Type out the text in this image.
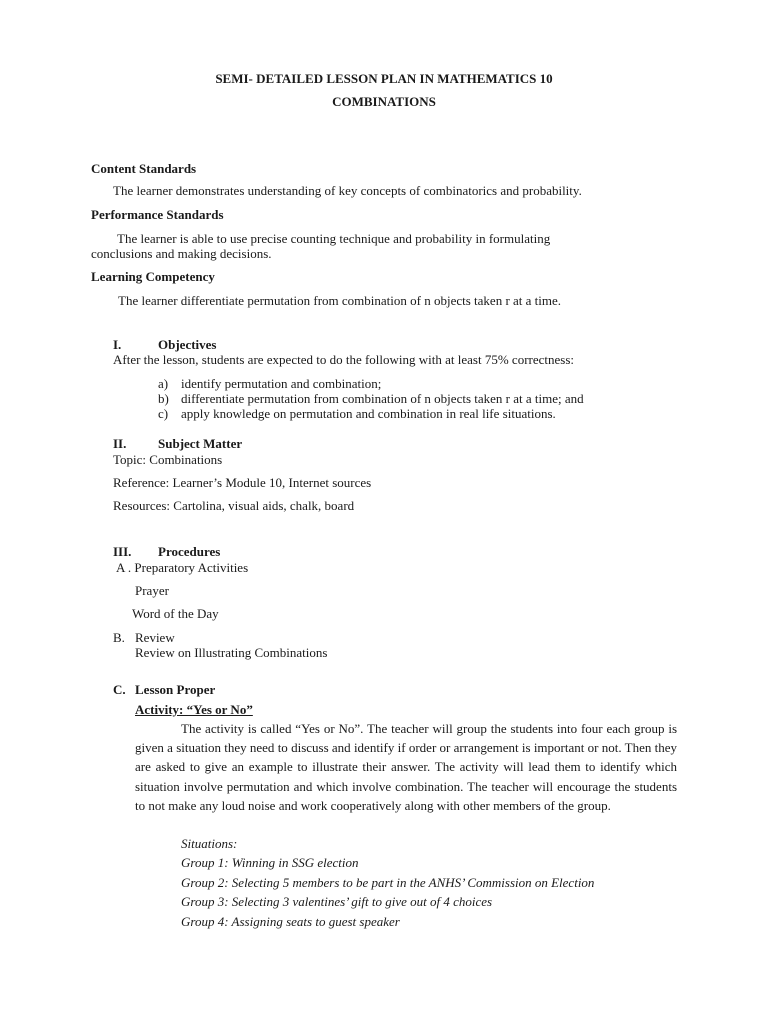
SEMI- DETAILED LESSON PLAN IN MATHEMATICS 10
COMBINATIONS
Content Standards
The learner demonstrates understanding of key concepts of combinatorics and probability.
Performance Standards
The learner is able to use precise counting technique and probability in formulating
conclusions and making decisions.
Learning Competency
The learner differentiate permutation from combination of n objects taken r at a time.
I.	Objectives
After the lesson, students are expected to do the following with at least 75% correctness:
a) identify permutation and combination;
b) differentiate permutation from combination of n objects taken r at a time; and
c) apply knowledge on permutation and combination in real life situations.
II. Subject Matter
Topic: Combinations
Reference: Learner’s Module 10, Internet sources
Resources: Cartolina, visual aids, chalk, board
III. Procedures
A . Preparatory Activities
Prayer
Word of the Day
B. Review
Review on Illustrating Combinations
C. Lesson Proper
Activity: “Yes or No”
The activity is called “Yes or No”. The teacher will group the students into four each group is given a situation they need to discuss and identify if order or arrangement is important or not. Then they are asked to give an example to illustrate their answer. The activity will lead them to identify which situation involve permutation and which involve combination. The teacher will encourage the students to not make any loud noise and work cooperatively along with other members of the group.
Situations:
Group 1: Winning in SSG election
Group 2: Selecting 5 members to be part in the ANHS’ Commission on Election
Group 3: Selecting 3 valentines’ gift to give out of 4 choices
Group 4: Assigning seats to guest speaker
